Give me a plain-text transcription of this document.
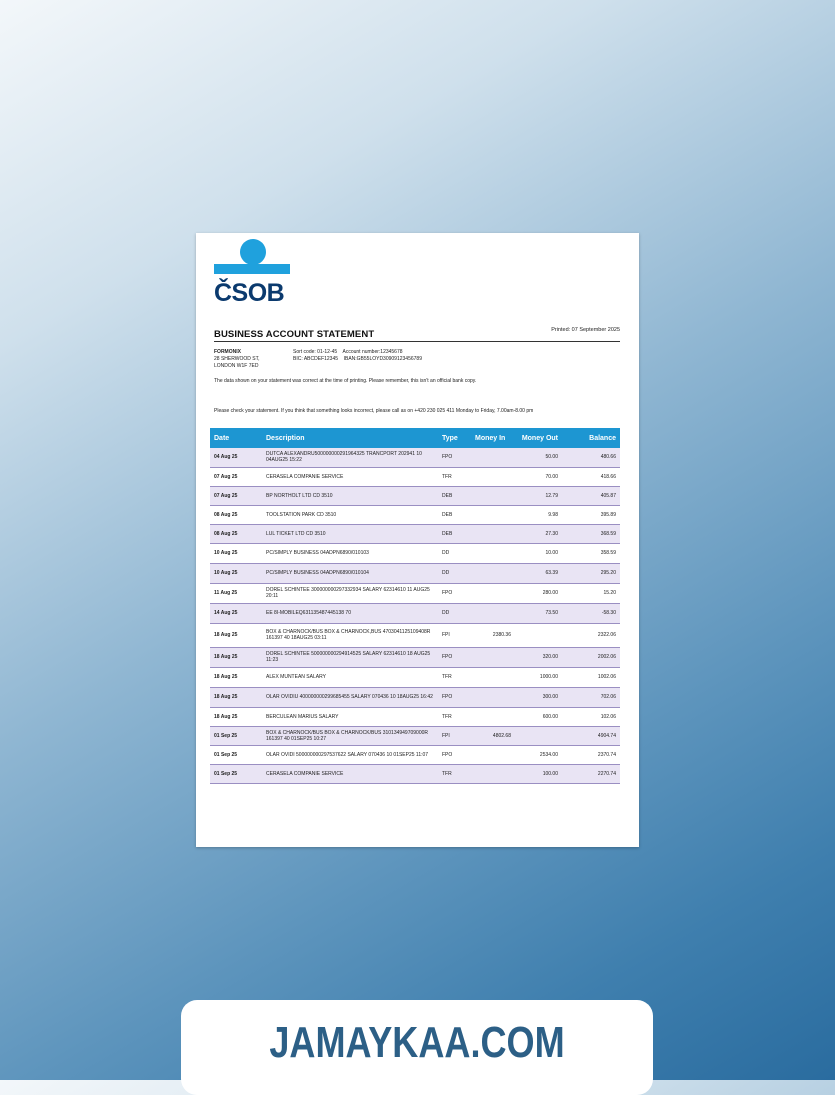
ČSOB
BUSINESS ACCOUNT STATEMENT	Printed: 07 September 2025
FORMONIX
28 SHERWOOD ST,
LONDON W1F 7ED
Sort code: 01-12-45 Account number:12345678
BIC: ABCDEF12345 IBAN:GB55LOYD30909123456789
The data shown on your statement was correct at the time of printing. Please remember, this isn't an official bank copy.
Please check your statement. If you think that something looks incorrect, please call as on +420 230 025 411 Monday to Friday, 7.00am-8.00 pm
Date	Description	Type	Money In	Money Out	Balance
04 Aug 25	DUTCA ALEXANDRU500000000291964325 TRANCPORT 202941 10 04AUG25 15:22	FPO		50.00	480.66
07 Aug 25	CERASELA COMPANIE SERVICE	TFR		70.00	418.66
07 Aug 25	BP NORTHOLT LTD CD 3510	DEB		12.79	405.87
08 Aug 25	TOOLSTATION PARK CD 3510	DEB		9.98	395.89
08 Aug 25	LUL TICKET LTD CD 3510	DEB		27.30	368.59
10 Aug 25	PC/SIMPLY BUSINESS 04ADPN6890/010103	DD		10.00	358.59
10 Aug 25	PC/SIMPLY BUSINESS 04ADPN6890/010104	DD		63.39	295.20
11 Aug 25	DOREL SCHINTEE 300000000297332934 SALARY 62314610 11 AUG25 20:11	FPO		280.00	15.20
14 Aug 25	EE 8I-MOBILEQ631135487445138 70	DD		73.50	-58.30
18 Aug 25	BOX & CHARNOCK/BUS BOX & CHARNOCK,BUS 4703041125109408R 161397 40 18AUG25 03:11	FPI	2380.36		2322.06
18 Aug 25	DOREL SCHINTEE 500000000294914525 SALARY 62314610 18 AUG25 11:23	FPO		320.00	2002.06
18 Aug 25	ALEX MUNTEAN SALARY	TFR		1000.00	1002.06
18 Aug 25	OLAR OVIDIU 400000000299685455 SALARY 070436 10 18AUG25 16:42	FPO		300.00	702.06
18 Aug 25	BERCULEAN MARIUS SALARY	TFR		600.00	102.06
01 Sep 25	BOX & CHARNOCK/BUS BOX & CHARNOCK/BUS 310134949709000R 161397 40 01SEP25 10:27	FPI	4802.68		4904.74
01 Sep 25	OLAR OVIDI 500000000297537622 SALARY 070436 10 01SEP25 11:07	FPO		2534.00	2370.74
01 Sep 25	CERASELA COMPANIE SERVICE	TFR		100.00	2270.74
JAMAYKAA.COM
